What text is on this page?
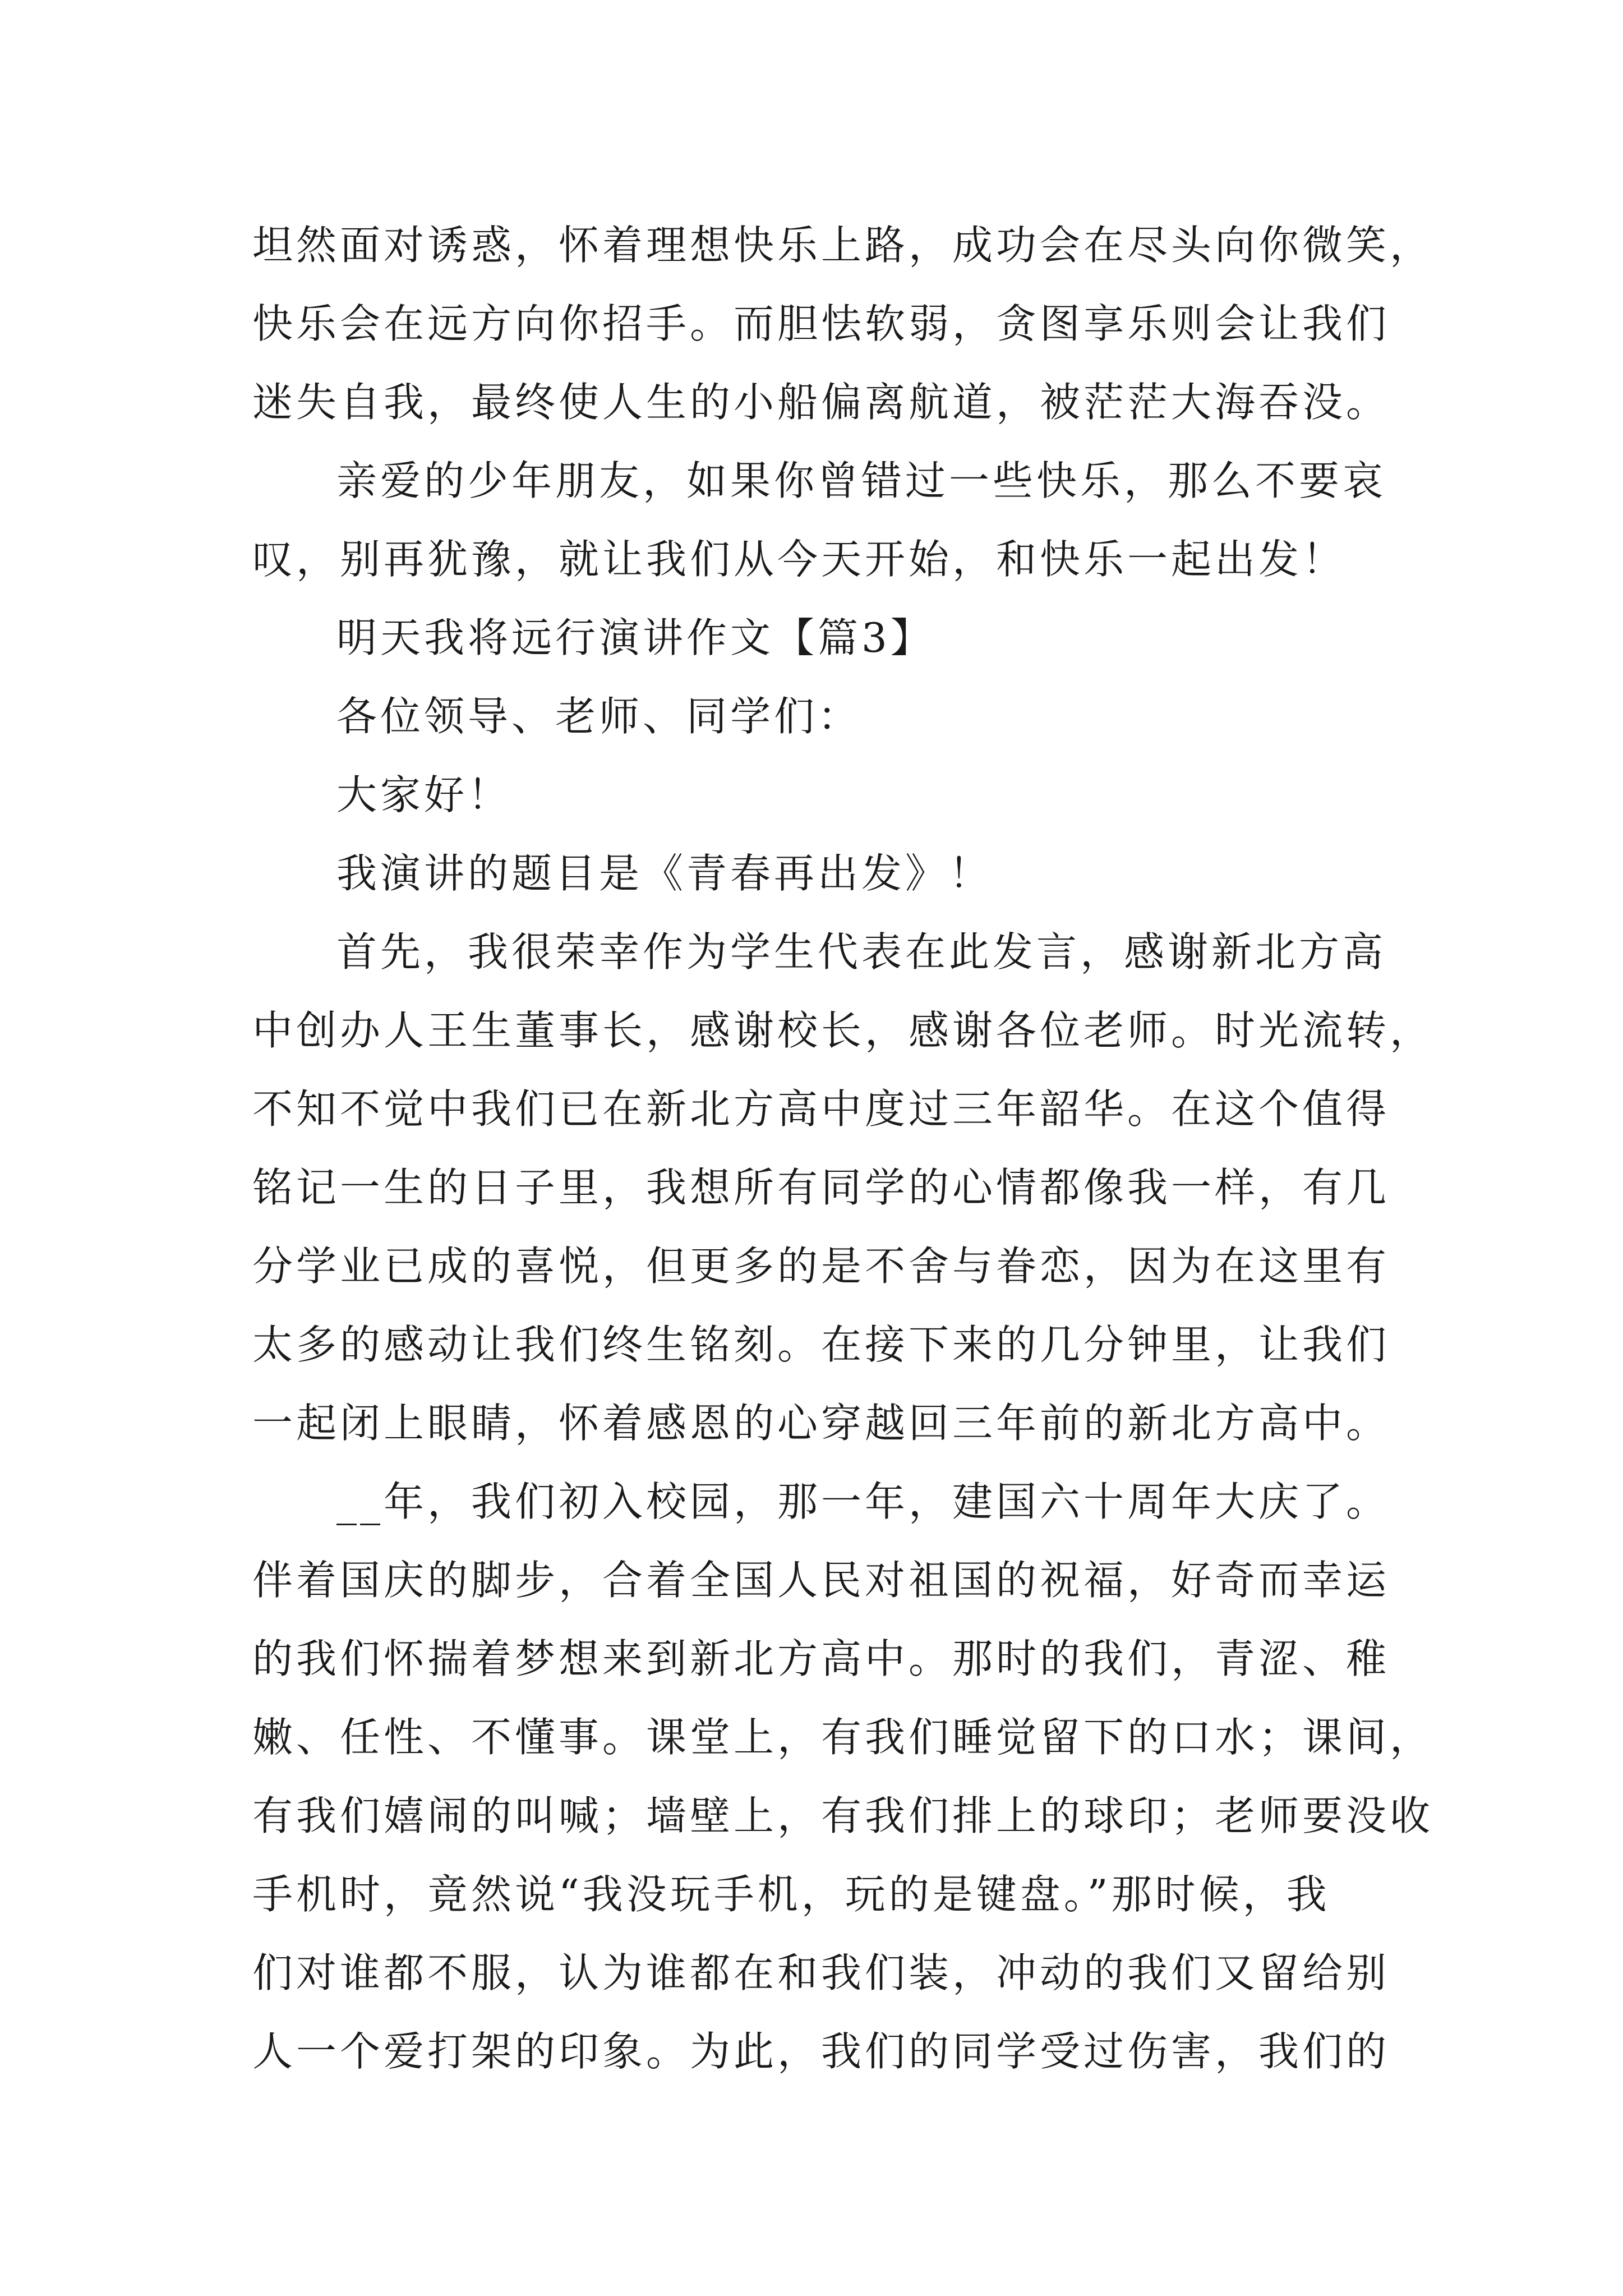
坦然面对诱惑，怀着理想快乐上路，成功会在尽头向你微笑，
快乐会在远方向你招手。而胆怯软弱，贪图享乐则会让我们
迷失自我，最终使人生的小船偏离航道，被茫茫大海吞没。
亲爱的少年朋友，如果你曾错过一些快乐，那么不要哀
叹，别再犹豫，就让我们从今天开始，和快乐一起出发！
明天我将远行演讲作文【篇3】
各位领导、老师、同学们：
大家好！
我演讲的题目是《青春再出发》！
首先，我很荣幸作为学生代表在此发言，感谢新北方高
中创办人王生董事长，感谢校长，感谢各位老师。时光流转，
不知不觉中我们已在新北方高中度过三年韶华。在这个值得
铭记一生的日子里，我想所有同学的心情都像我一样，有几
分学业已成的喜悦，但更多的是不舍与眷恋，因为在这里有
太多的感动让我们终生铭刻。在接下来的几分钟里，让我们
一起闭上眼睛，怀着感恩的心穿越回三年前的新北方高中。
__年，我们初入校园，那一年，建国六十周年大庆了。
伴着国庆的脚步，合着全国人民对祖国的祝福，好奇而幸运
的我们怀揣着梦想来到新北方高中。那时的我们，青涩、稚
嫩、任性、不懂事。课堂上，有我们睡觉留下的口水；课间，
有我们嬉闹的叫喊；墙壁上，有我们排上的球印；老师要没收
手机时，竟然说“我没玩手机，玩的是键盘。”那时候，我
们对谁都不服，认为谁都在和我们装，冲动的我们又留给别
人一个爱打架的印象。为此，我们的同学受过伤害，我们的
